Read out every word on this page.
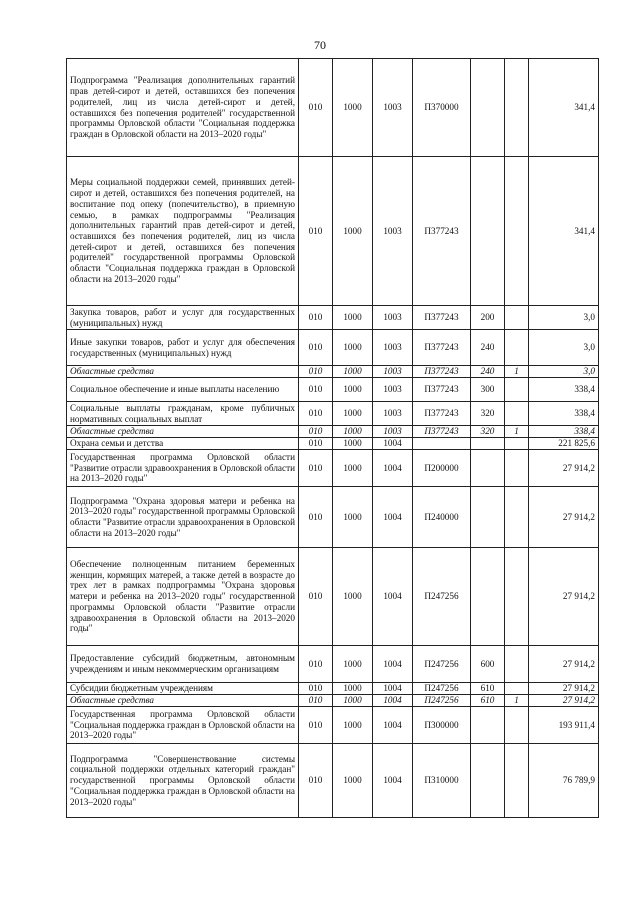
70
Подпрограмма "Реализация дополнительных гарантий прав детей-сирот и детей, оставшихся без попечения родителей, лиц из числа детей-сирот и детей, оставшихся без попечения родителей" государственной программы Орловской области "Социальная поддержка граждан в Орловской области на 2013–2020 годы"	010	1000	1003	П370000			341,4
Меры социальной поддержки семей, принявших детей-сирот и детей, оставшихся без попечения родителей, на воспитание под опеку (попечительство), в приемную семью, в рамках подпрограммы "Реализация дополнительных гарантий прав детей-сирот и детей, оставшихся без попечения родителей, лиц из числа детей-сирот и детей, оставшихся без попечения родителей" государственной программы Орловской области "Социальная поддержка граждан в Орловской области на 2013–2020 годы"	010	1000	1003	П377243			341,4
Закупка товаров, работ и услуг для государственных (муниципальных) нужд	010	1000	1003	П377243	200		3,0
Иные закупки товаров, работ и услуг для обеспечения государственных (муниципальных) нужд	010	1000	1003	П377243	240		3,0
Областные средства	010	1000	1003	П377243	240	1	3,0
Социальное обеспечение и иные выплаты населению	010	1000	1003	П377243	300		338,4
Социальные выплаты гражданам, кроме публичных нормативных социальных выплат	010	1000	1003	П377243	320		338,4
Областные средства	010	1000	1003	П377243	320	1	338,4
Охрана семьи и детства	010	1000	1004				221 825,6
Государственная программа Орловской области "Развитие отрасли здравоохранения в Орловской области на 2013–2020 годы"	010	1000	1004	П200000			27 914,2
Подпрограмма "Охрана здоровья матери и ребенка на 2013–2020 годы" государственной программы Орловской области "Развитие отрасли здравоохранения в Орловской области на 2013–2020 годы"	010	1000	1004	П240000			27 914,2
Обеспечение полноценным питанием беременных женщин, кормящих матерей, а также детей в возрасте до трех лет в рамках подпрограммы "Охрана здоровья матери и ребенка на 2013–2020 годы" государственной программы Орловской области "Развитие отрасли здравоохранения в Орловской области на 2013–2020 годы"	010	1000	1004	П247256			27 914,2
Предоставление субсидий бюджетным, автономным учреждениям и иным некоммерческим организациям	010	1000	1004	П247256	600		27 914,2
Субсидии бюджетным учреждениям	010	1000	1004	П247256	610		27 914,2
Областные средства	010	1000	1004	П247256	610	1	27 914,2
Государственная программа Орловской области "Социальная поддержка граждан в Орловской области на 2013–2020 годы"	010	1000	1004	П300000			193 911,4
Подпрограмма "Совершенствование системы социальной поддержки отдельных категорий граждан" государственной программы Орловской области "Социальная поддержка граждан в Орловской области на 2013–2020 годы"	010	1000	1004	П310000			76 789,9
